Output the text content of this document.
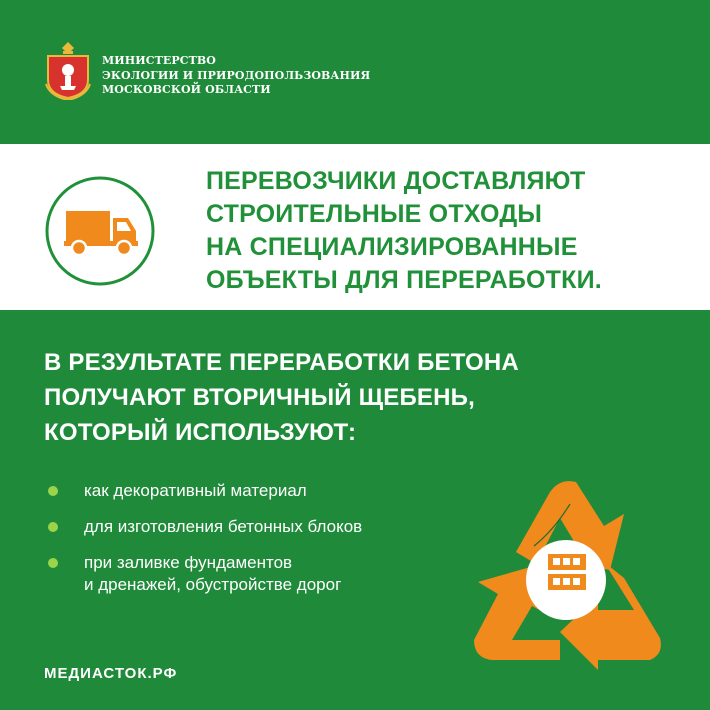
МИНИСТЕРСТВО
ЭКОЛОГИИ И ПРИРОДОПОЛЬЗОВАНИЯ
МОСКОВСКОЙ ОБЛАСТИ
ПЕРЕВОЗЧИКИ ДОСТАВЛЯЮТ
СТРОИТЕЛЬНЫЕ ОТХОДЫ
НА СПЕЦИАЛИЗИРОВАННЫЕ
ОБЪЕКТЫ ДЛЯ ПЕРЕРАБОТКИ.
В РЕЗУЛЬТАТЕ ПЕРЕРАБОТКИ БЕТОНА
ПОЛУЧАЮТ ВТОРИЧНЫЙ ЩЕБЕНЬ,
КОТОРЫЙ ИСПОЛЬЗУЮТ:
как декоративный материал
для изготовления бетонных блоков
при заливке фундаментов
и дренажей, обустройстве дорог
МЕДИАСТОК.РФ
